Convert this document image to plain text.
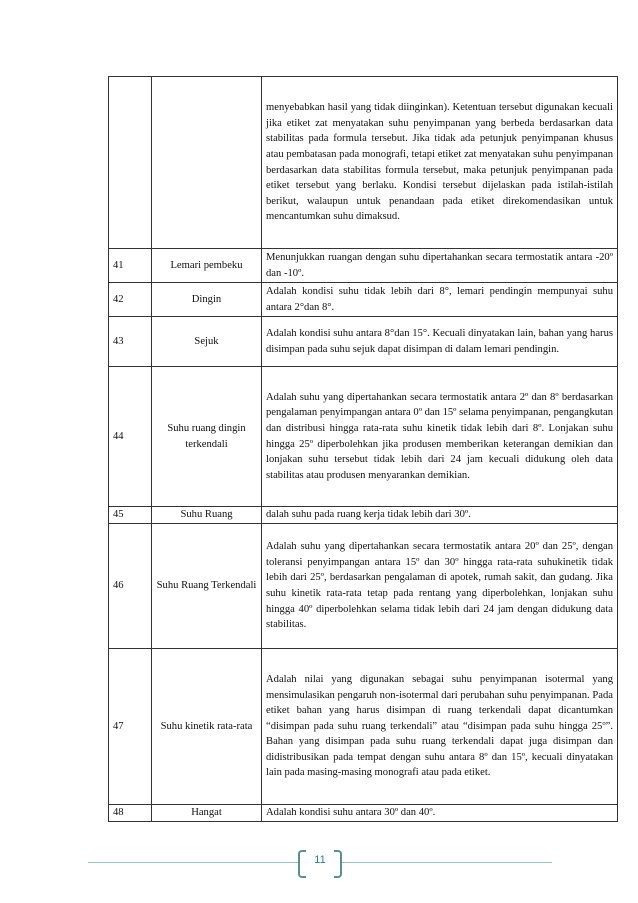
		menyebabkan hasil yang tidak diinginkan). Ketentuan tersebut digunakan kecuali jika etiket zat menyatakan suhu penyimpanan yang berbeda berdasarkan data stabilitas pada formula tersebut. Jika tidak ada petunjuk penyimpanan khusus atau pembatasan pada monografi, tetapi etiket zat menyatakan suhu penyimpanan berdasarkan data stabilitas formula tersebut, maka petunjuk penyimpanan pada etiket tersebut yang berlaku. Kondisi tersebut dijelaskan pada istilah-istilah berikut, walaupun untuk penandaan pada etiket direkomendasikan untuk mencantumkan suhu dimaksud.
41	Lemari pembeku	Menunjukkan ruangan dengan suhu dipertahankan secara termostatik antara -20º dan -10º.
42	Dingin	Adalah kondisi suhu tidak lebih dari 8°, lemari pendingin mempunyai suhu antara 2°dan 8°.
43	Sejuk	Adalah kondisi suhu antara 8°dan 15°. Kecuali dinyatakan lain, bahan yang harus disimpan pada suhu sejuk dapat disimpan di dalam lemari pendingin.
44	Suhu ruang dingin terkendali	Adalah suhu yang dipertahankan secara termostatik antara 2º dan 8º berdasarkan pengalaman penyimpangan antara 0º dan 15º selama penyimpanan, pengangkutan dan distribusi hingga rata-rata suhu kinetik tidak lebih dari 8º. Lonjakan suhu hingga 25º diperbolehkan jika produsen memberikan keterangan demikian dan lonjakan suhu tersebut tidak lebih dari 24 jam kecuali didukung oleh data stabilitas atau produsen menyarankan demikian.
45	Suhu Ruang	dalah suhu pada ruang kerja tidak lebih dari 30º.
46	Suhu Ruang Terkendali	Adalah suhu yang dipertahankan secara termostatik antara 20º dan 25º, dengan toleransi penyimpangan antara 15º dan 30º hingga rata-rata suhukinetik tidak lebih dari 25º, berdasarkan pengalaman di apotek, rumah sakit, dan gudang. Jika suhu kinetik rata-rata tetap pada rentang yang diperbolehkan, lonjakan suhu hingga 40º diperbolehkan selama tidak lebih dari 24 jam dengan didukung data stabilitas.
47	Suhu kinetik rata-rata	Adalah nilai yang digunakan sebagai suhu penyimpanan isotermal yang mensimulasikan pengaruh non-isotermal dari perubahan suhu penyimpanan. Pada etiket bahan yang harus disimpan di ruang terkendali dapat dicantumkan “disimpan pada suhu ruang terkendali” atau “disimpan pada suhu hingga 25º”. Bahan yang disimpan pada suhu ruang terkendali dapat juga disimpan dan didistribusikan pada tempat dengan suhu antara 8º dan 15º, kecuali dinyatakan lain pada masing-masing monografi atau pada etiket.
48	Hangat	Adalah kondisi suhu antara 30º dan 40º.
11
